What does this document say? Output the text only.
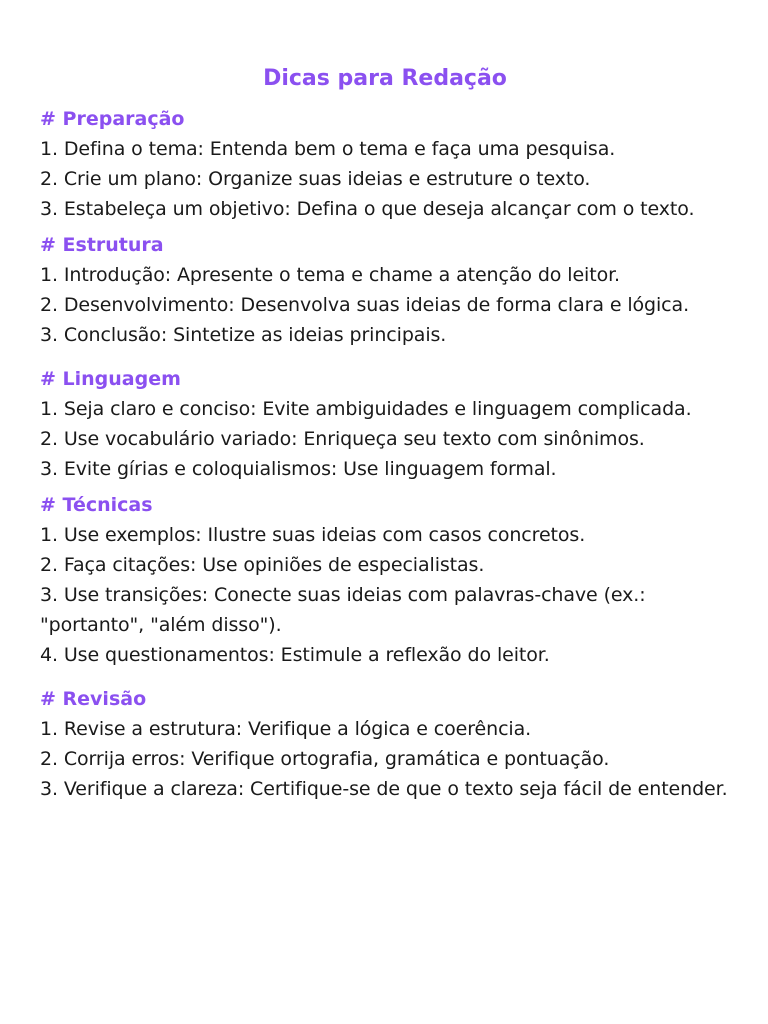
Dicas para Redação
# Preparação
1. Defina o tema: Entenda bem o tema e faça uma pesquisa.
2. Crie um plano: Organize suas ideias e estruture o texto.
3. Estabeleça um objetivo: Defina o que deseja alcançar com o texto.
# Estrutura
1. Introdução: Apresente o tema e chame a atenção do leitor.
2. Desenvolvimento: Desenvolva suas ideias de forma clara e lógica.
3. Conclusão: Sintetize as ideias principais.
# Linguagem
1. Seja claro e conciso: Evite ambiguidades e linguagem complicada.
2. Use vocabulário variado: Enriqueça seu texto com sinônimos.
3. Evite gírias e coloquialismos: Use linguagem formal.
# Técnicas
1. Use exemplos: Ilustre suas ideias com casos concretos.
2. Faça citações: Use opiniões de especialistas.
3. Use transições: Conecte suas ideias com palavras-chave (ex.: "portanto", "além disso").
4. Use questionamentos: Estimule a reflexão do leitor.
# Revisão
1. Revise a estrutura: Verifique a lógica e coerência.
2. Corrija erros: Verifique ortografia, gramática e pontuação.
3. Verifique a clareza: Certifique-se de que o texto seja fácil de entender.
